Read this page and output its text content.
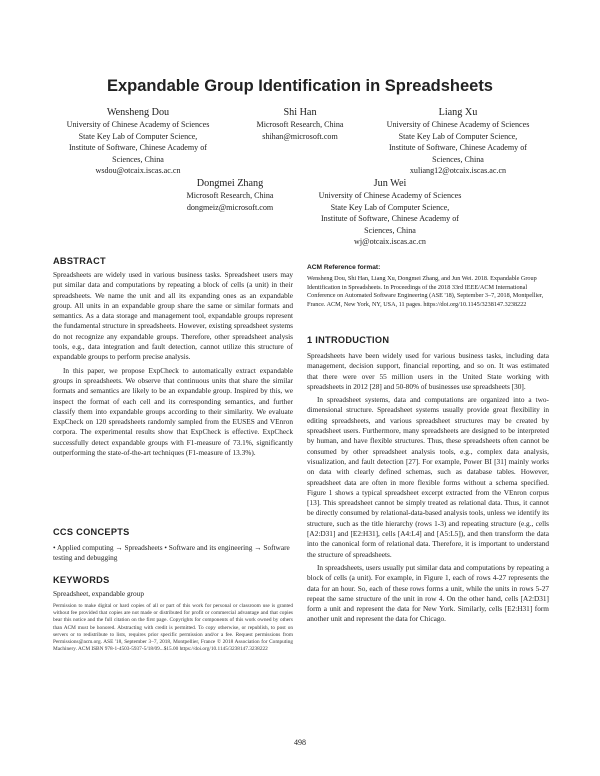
Expandable Group Identification in Spreadsheets
Wensheng Dou
University of Chinese Academy of Sciences
State Key Lab of Computer Science,
Institute of Software, Chinese Academy of
Sciences, China
wsdou@otcaix.iscas.ac.cn
Shi Han
Microsoft Research, China
shihan@microsoft.com
Liang Xu
University of Chinese Academy of Sciences
State Key Lab of Computer Science,
Institute of Software, Chinese Academy of
Sciences, China
xuliang12@otcaix.iscas.ac.cn
Dongmei Zhang
Microsoft Research, China
dongmeiz@microsoft.com
Jun Wei
University of Chinese Academy of Sciences
State Key Lab of Computer Science,
Institute of Software, Chinese Academy of
Sciences, China
wj@otcaix.iscas.ac.cn
ABSTRACT

Spreadsheets are widely used in various business tasks. Spreadsheet users may put similar data and computations by repeating a block of cells (a unit) in their spreadsheets. We name the unit and all its expanding ones as an expandable group. All units in an expandable group share the same or similar formats and semantics. As a data storage and management tool, expandable groups represent the fundamental structure in spreadsheets. However, existing spreadsheet systems do not recognize any expandable groups. Therefore, other spreadsheet analysis tools, e.g., data integration and fault detection, cannot utilize this structure of expandable groups to perform precise analysis.

In this paper, we propose ExpCheck to automatically extract expandable groups in spreadsheets. We observe that continuous units that share the similar formats and semantics are likely to be an expandable group. Inspired by this, we inspect the format of each cell and its corresponding semantics, and further classify them into expandable groups according to their similarity. We evaluate ExpCheck on 120 spreadsheets randomly sampled from the EUSES and VEnron corpora. The experimental results show that ExpCheck is effective. ExpCheck successfully detect expandable groups with F1-measure of 73.1%, significantly outperforming the state-of-the-art techniques (F1-measure of 13.3%).

CCS CONCEPTS
• Applied computing → Spreadsheets • Software and its engineering → Software testing and debugging
KEYWORDS
Spreadsheet, expandable group
Permission to make digital or hard copies of all or part of this work for personal or classroom use is granted without fee provided that copies are not made or distributed for profit or commercial advantage and that copies bear this notice and the full citation on the first page. Copyrights for components of this work owned by others than ACM must be honored. Abstracting with credit is permitted. To copy otherwise, or republish, to post on servers or to redistribute to lists, requires prior specific permission and/or a fee. Request permissions from Permissions@acm.org. ASE '18, September 3–7, 2018, Montpellier, France © 2018 Association for Computing Machinery. ACM ISBN 978-1-4503-5937-5/18/09...$15.00 https://doi.org/10.1145/3238147.3238222
ACM Reference format:
Wensheng Dou, Shi Han, Liang Xu, Dongmei Zhang, and Jun Wei. 2018. Expandable Group Identification in Spreadsheets. In Proceedings of the 2018 33rd IEEE/ACM International Conference on Automated Software Engineering (ASE '18), September 3–7, 2018, Montpellier, France. ACM, New York, NY, USA, 11 pages. https://doi.org/10.1145/3238147.3238222
1 INTRODUCTION

Spreadsheets have been widely used for various business tasks, including data management, decision support, financial reporting, and so on. It was estimated that there were over 55 million users in the United State working with spreadsheets in 2012 [28] and 50-80% of businesses use spreadsheets [30].

In spreadsheet systems, data and computations are organized into a two-dimensional structure. Spreadsheet systems usually provide great flexibility in editing spreadsheets, and various spreadsheet structures may be created by spreadsheet users. Furthermore, many spreadsheets are designed to be interpreted by human, and have flexible structures. Thus, these spreadsheets often cannot be consumed by other spreadsheet analysis tools, e.g., complex data analysis, visualization, and fault detection [27]. For example, Power BI [31] mainly works on data with clearly defined schemas, such as database tables. However, spreadsheet data are often in more flexible forms without a schema specified. Figure 1 shows a typical spreadsheet excerpt extracted from the VEnron corpus [13]. This spreadsheet cannot be simply treated as relational data. Thus, it cannot be directly consumed by relational-data-based analysis tools, unless we identify its structure, such as the title hierarchy (rows 1-3) and repeating structure (e.g., cells [A2:D31] and [E2:H31], cells [A4:L4] and [A5:L5]), and then transform the data into the canonical form of relational data. Therefore, it is important to understand the structure of spreadsheets.

In spreadsheets, users usually put similar data and computations by repeating a block of cells (a unit). For example, in Figure 1, each of rows 4-27 represents the data for an hour. So, each of these rows forms a unit, while the units in rows 5-27 repeat the same structure of the unit in row 4. On the other hand, cells [A2:D31] form a unit and represent the data for New York. Similarly, cells [E2:H31] form another unit and represent the data for Chicago.

498
